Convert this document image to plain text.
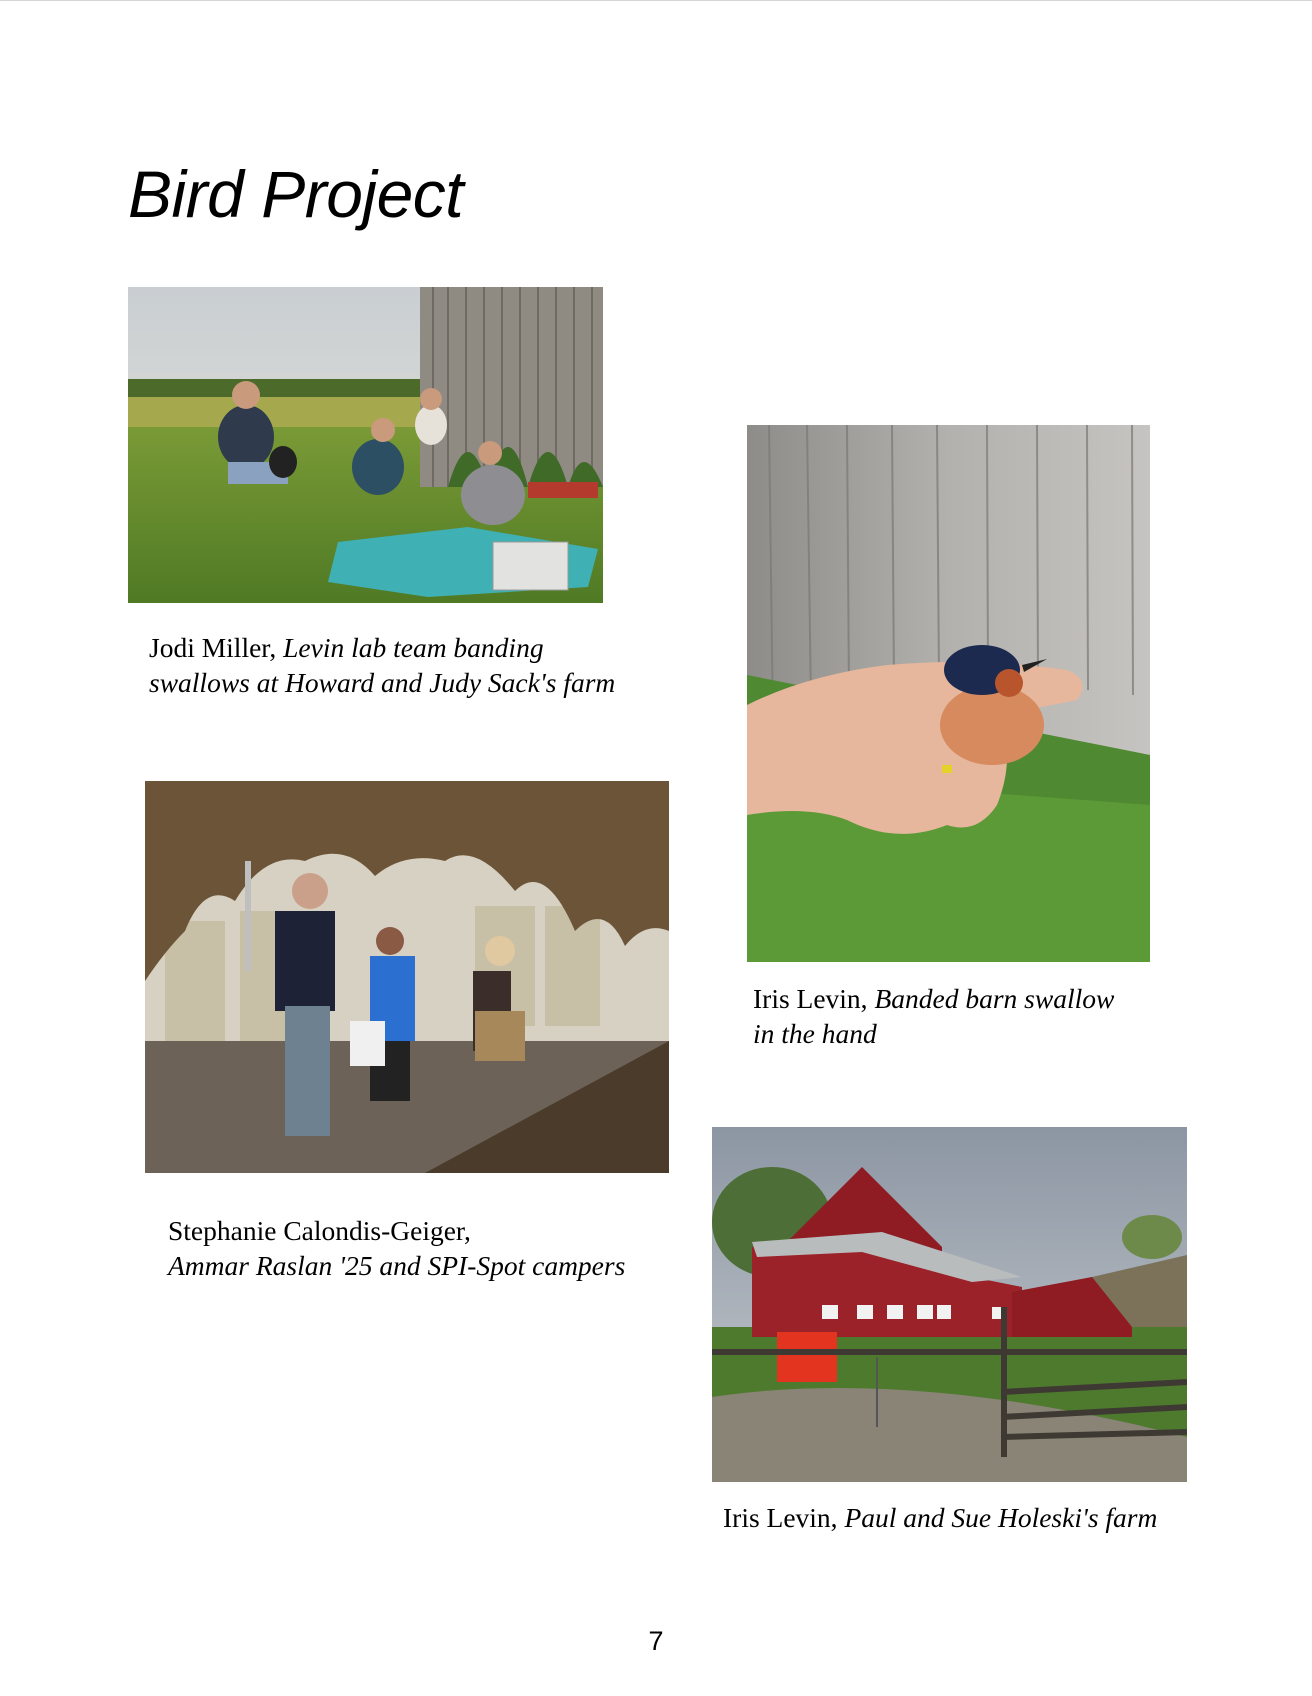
Bird Project

Jodi Miller, Levin lab team banding
swallows at Howard and Judy Sack's farm

Iris Levin, Banded barn swallow
in the hand

Stephanie Calondis-Geiger,
Ammar Raslan '25 and SPI-Spot campers

Iris Levin, Paul and Sue Holeski's farm

7
